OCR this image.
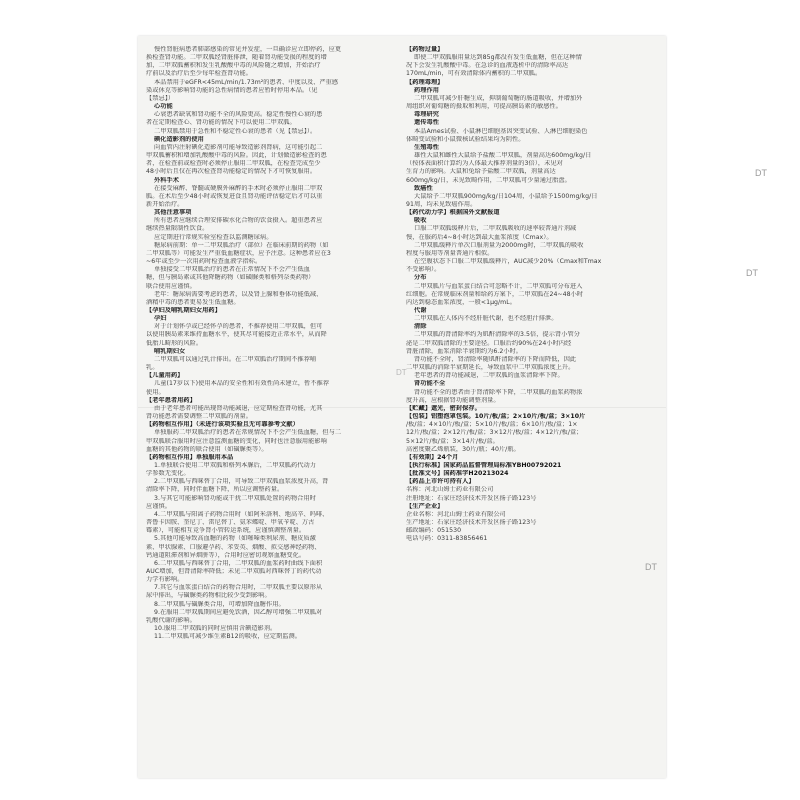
慢性肾脏病患者肺部感染的常见并发症，一旦确诊应立即停药，应更
换检查肾功能。二甲双胍经肾脏排泄，随着肾功能受损的程度的增
加，二甲双胍蓄积和发生乳酸酸中毒的风险随之增加，开始治疗
疗前以及治疗后至少每年检查肾功能。
本品禁用于eGFR<45mL/min/1.73m²的患者、中度以及、严重感
染或休克等影响肾功能的急性病情的患者应暂时停用本品。（见
【禁忌】）
心功能
心衰患者缺氧和肾功能不全的风险更高。稳定性慢性心衰的患
者在定期检查心、肾功能的情况下可以使用二甲双胍。
二甲双胍禁用于急性和不稳定性心衰的患者（见【禁忌】）。
碘化造影剂的使用
向血管内注射碘化造影剂可能导致造影剂肾病，这可能引起二
甲双胍蓄积和增加乳酸酸中毒的风险。因此，计划做造影检查的患
者，在检查前或检查时必须停止服用二甲双胍，在检查完成至少
48小时后且仅在再次检查肾功能稳定的情况下才可恢复服用。
外科手术
在接受麻醉、脊髓或硬膜外麻醉的手术时必须停止服用二甲双
胍。在术后至少48小时或恢复进食且肾功能评估稳定后才可以重
新开始治疗。
其他注意事项
所有患者应继续合理安排碳水化合物的饮食摄入。超重患者应
继续热量限制性饮食。
应定期进行常规实验室检查以监测糖尿病。
糖尿病前期：单一二甲双胍治疗（部位）在临床前期的药物（如
二甲双胍等）可能发生严重低血糖症状，应予注意。这种患者应在3
~6年或至少一次用药时检查血液学指标。
单独接受二甲双胍治疗的患者在正常情况下不会产生低血
糖，但与胰岛素或其他降糖药物（如磺脲类和格列奈类药物）
联合使用应谨慎。
老年：糖尿病需要考虑的患者，以及肾上腺和垂体功能低减、
酒精中毒的患者更易发生低血糖。
【孕妇及哺乳期妇女用药】
孕妇
对于计划怀孕或已经怀孕的患者，不推荐使用二甲双胍，但可
以使用胰岛素来维持血糖水平，使其尽可能接近正常水平，从而降
低胎儿畸形的风险。
哺乳期妇女
二甲双胍可以通过乳汁排出。在二甲双胍治疗期间不推荐哺
乳。
【儿童用药】
儿童(17岁以下)使用本品的安全性和有效性尚未建立，暂不推荐
使用。
【老年患者用药】
由于老年患者可能出现肾功能减退，应定期检查肾功能，尤其
肾功能患者需要调整二甲双胍的剂量。
【药物相互作用】（未进行该项实验且无可靠参考文献）
单独服药二甲双胍治疗的患者在常规情况下不会产生低血糖，但与二
甲双胍联合服用时应注意监测血糖的变化，同时也注意服用能影响
血糖的其他药物的联合使用（如磺脲类等）。
【药物相互作用】单独服用本品
1.单独联合使用二甲双胍和格列本脲后，二甲双胍药代动力
学参数无变化。
2.二甲双胍与西咪替丁合用，可导致二甲双胍血浆浓度升高，肾
清除率下降，同时伴血糖下降，所以应调整药量。
3.与其它可能影响肾功能或干扰二甲双胍处置的药物合用时
应谨慎。
4.二甲双胍与阳离子药物合用时（如阿米洛利、地高辛、吗啡、
普鲁卡因胺、奎尼丁、雷尼替丁、氨苯蝶啶、甲氧苄啶、万古
霉素），可能相互竞争肾小管转运系统，应谨慎调整剂量。
5.其他可能导致高血糖的药物（如噻嗪类利尿剂、糖皮质激
素、甲状腺素、口服避孕药、苯妥英、烟酸、拟交感神经药物、
钙通道阻滞剂和异烟肼等），合用时应密切观察血糖变化。
6.二甲双胍与西咪替丁合用，二甲双胍的血浆药时曲线下面积
AUC增加，但肾清除率降低；未见二甲双胍对西咪替丁的药代动
力学有影响。
7.其它与血浆蛋白结合的药物合用时，二甲双胍主要以原形从
尿中排出，与磺脲类药物相比较少受到影响。
8.二甲双胍与磺脲类合用，可增加降血糖作用。
9.在服用二甲双胍期间应避免饮酒，因乙醇可增强二甲双胍对
乳酸代谢的影响。
10.服用二甲双胍的同时应慎用含碘造影剂。
11.二甲双胍可减少维生素B12的吸收，应定期监测。
【药物过量】
即使二甲双胍服用量达到85g都没有发生低血糖，但在这种情
况下会发生乳酸酸中毒。在急诊的血液透析中的清除率高达
170mL/min，可有效清除体内蓄积的二甲双胍。
【药理毒理】
药理作用
二甲双胍可减少肝糖生成，抑制葡萄糖的肠道吸收，并增加外
周组织对葡萄糖的摄取和利用，可提高胰岛素的敏感性。
毒理研究
遗传毒性
本品Ames试验、小鼠淋巴细胞基因突变试验、人淋巴细胞染色
体畸变试验和小鼠微核试验结果均为阴性。
生殖毒性
雄性大鼠和雌性大鼠给予盐酸二甲双胍，剂量高达600mg/kg/日
（按体表面积计算约为人体最大推荐剂量的3倍），未见对
生育力的影响。大鼠和兔给予盐酸二甲双胍，剂量高达
600mg/kg/日，未见致畸作用，二甲双胍可少量通过胎盘。
致癌性
大鼠给予二甲双胍900mg/kg/日104周，小鼠给予1500mg/kg/日
91周，均未见致癌作用。
【药代动力学】根据国外文献报道
吸收
口服二甲双胍缓释片后，二甲双胍吸收的速率较普通片剂减
慢，在服药后4~8小时达到最大血浆浓度（Cmax）。
二甲双胍缓释片单次口服剂量为2000mg时，二甲双胍的吸收
程度与服用等剂量普通片相似。
在空腹状态下口服二甲双胍缓释片，AUC减少20%（Cmax和Tmax
不受影响）。
分布
二甲双胍片与血浆蛋白结合可忽略不计，二甲双胍可分布进入
红细胞。在常规临床剂量和给药方案下，二甲双胍在24~48小时
内达到稳态血浆浓度，一般<1μg/mL。
代谢
二甲双胍在人体内不经肝脏代谢，也不经胆汁排泄。
清除
二甲双胍的肾清除率约为肌酐清除率的3.5倍，提示肾小管分
泌是二甲双胍清除的主要途径。口服后约90%在24小时内经
肾脏清除，血浆消除半衰期约为6.2小时。
肾功能不全时，肾清除率随肌酐清除率的下降而降低，因此
二甲双胍的消除半衰期延长，导致血浆中二甲双胍浓度上升。
老年患者的肾功能减退，二甲双胍的血浆清除率下降。
肾功能不全
肾功能不全的患者由于肾清除率下降，二甲双胍的血浆药物浓
度升高，应根据肾功能调整剂量。
【贮藏】遮光，密封保存。
【包装】铝塑泡罩包装。10片/板/盒；2×10片/板/盒；3×10片
/板/盒；4×10片/板/盒；5×10片/板/盒；6×10片/板/盒；1×
12片/板/盒；2×12片/板/盒；3×12片/板/盒；4×12片/板/盒；
5×12片/板/盒；3×14片/板/盒。
高密度聚乙烯瓶装，30片/瓶；40片/瓶。
【有效期】24个月
【执行标准】国家药品监督管理局标准YBH00792021
【批准文号】国药准字H20213024
【药品上市许可持有人】
名称：河北山姆士药业有限公司
注册地址：石家庄经济技术开发区扬子路123号
【生产企业】
企业名称：河北山姆士药业有限公司
生产地址：石家庄经济技术开发区扬子路123号
邮政编码：051530
电话号码：0311-83856461
DT
DT
DT
DT
